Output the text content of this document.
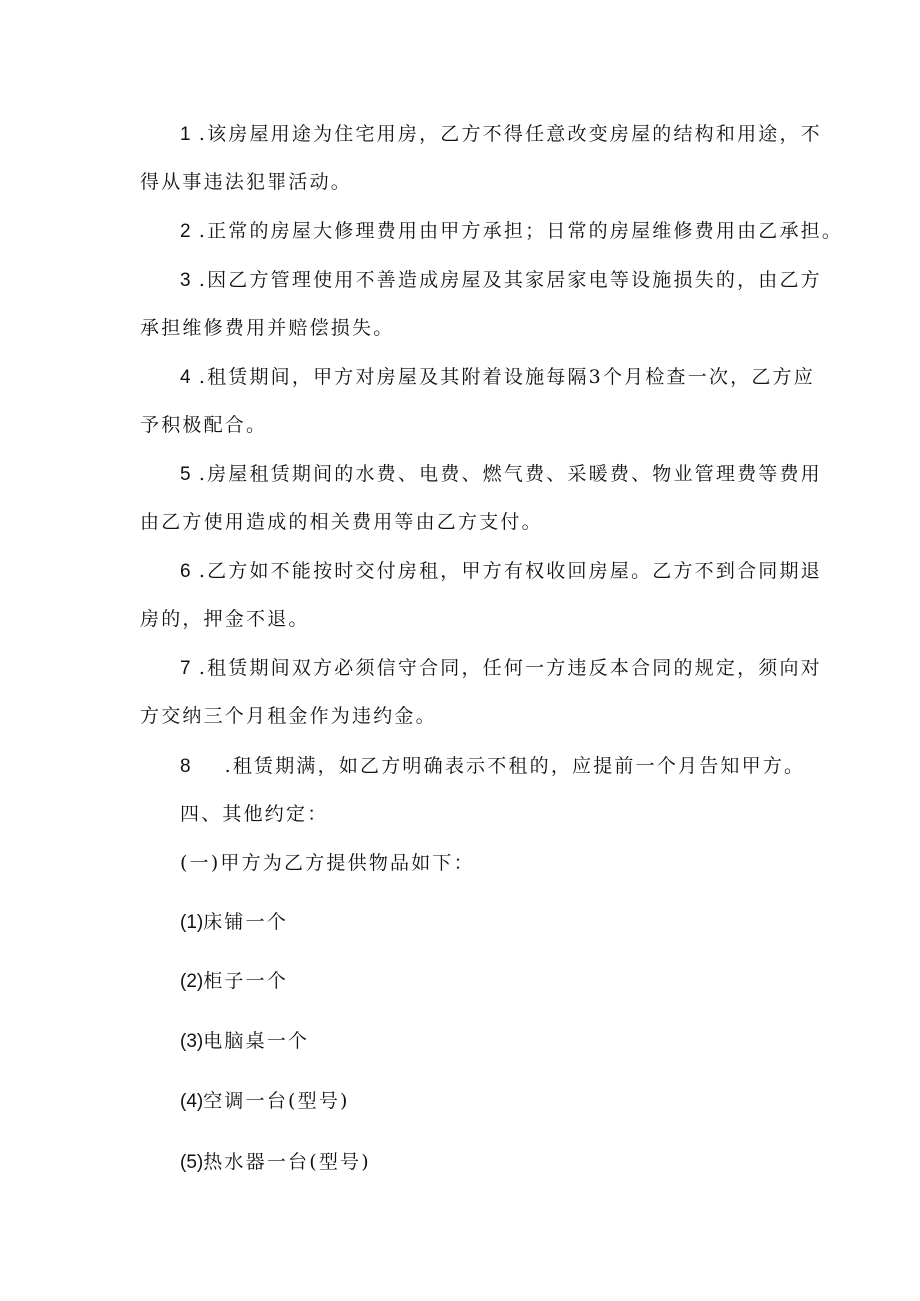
1 .该房屋用途为住宅用房，乙方不得任意改变房屋的结构和用途，不
得从事违法犯罪活动。
2 .正常的房屋大修理费用由甲方承担；日常的房屋维修费用由乙承担。
3 .因乙方管理使用不善造成房屋及其家居家电等设施损失的，由乙方
承担维修费用并赔偿损失。
4 .租赁期间，甲方对房屋及其附着设施每隔3个月检查一次，乙方应
予积极配合。
5 .房屋租赁期间的水费、电费、燃气费、采暖费、物业管理费等费用
由乙方使用造成的相关费用等由乙方支付。
6 .乙方如不能按时交付房租，甲方有权收回房屋。乙方不到合同期退
房的，押金不退。
7 .租赁期间双方必须信守合同，任何一方违反本合同的规定，须向对
方交纳三个月租金作为违约金。
8 .租赁期满，如乙方明确表示不租的，应提前一个月告知甲方。
四、其他约定：
(一)甲方为乙方提供物品如下：
(1)床铺一个
(2)柜子一个
(3)电脑桌一个
(4)空调一台(型号)
(5)热水器一台(型号)
